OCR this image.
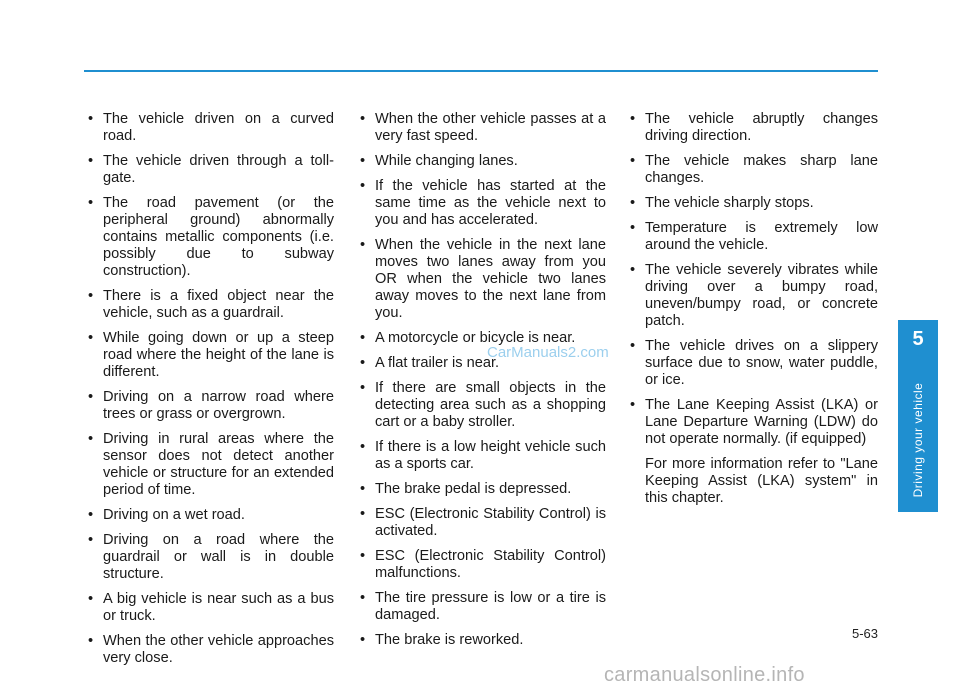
• The vehicle driven on a curved road.
• The vehicle driven through a toll-gate.
• The road pavement (or the peripheral ground) abnormally contains metallic components (i.e. possibly due to subway construction).
• There is a fixed object near the vehicle, such as a guardrail.
• While going down or up a steep road where the height of the lane is different.
• Driving on a narrow road where trees or grass or overgrown.
• Driving in rural areas where the sensor does not detect another vehicle or structure for an extended period of time.
• Driving on a wet road.
• Driving on a road where the guardrail or wall is in double structure.
• A big vehicle is near such as a bus or truck.
• When the other vehicle approaches very close.
• When the other vehicle passes at a very fast speed.
• While changing lanes.
• If the vehicle has started at the same time as the vehicle next to you and has accelerated.
• When the vehicle in the next lane moves two lanes away from you OR when the vehicle two lanes away moves to the next lane from you.
• A motorcycle or bicycle is near.
• A flat trailer is near.
• If there are small objects in the detecting area such as a shopping cart or a baby stroller.
• If there is a low height vehicle such as a sports car.
• The brake pedal is depressed.
• ESC (Electronic Stability Control) is activated.
• ESC (Electronic Stability Control) malfunctions.
• The tire pressure is low or a tire is damaged.
• The brake is reworked.
• The vehicle abruptly changes driving direction.
• The vehicle makes sharp lane changes.
• The vehicle sharply stops.
• Temperature is extremely low around the vehicle.
• The vehicle severely vibrates while driving over a bumpy road, uneven/bumpy road, or concrete patch.
• The vehicle drives on a slippery surface due to snow, water puddle, or ice.
• The Lane Keeping Assist (LKA) or Lane Departure Warning (LDW) do not operate normally. (if equipped)

For more information refer to "Lane Keeping Assist (LKA) system" in this chapter.

CarManuals2.com
5
Driving your vehicle
5-63
carmanualsonline.info
